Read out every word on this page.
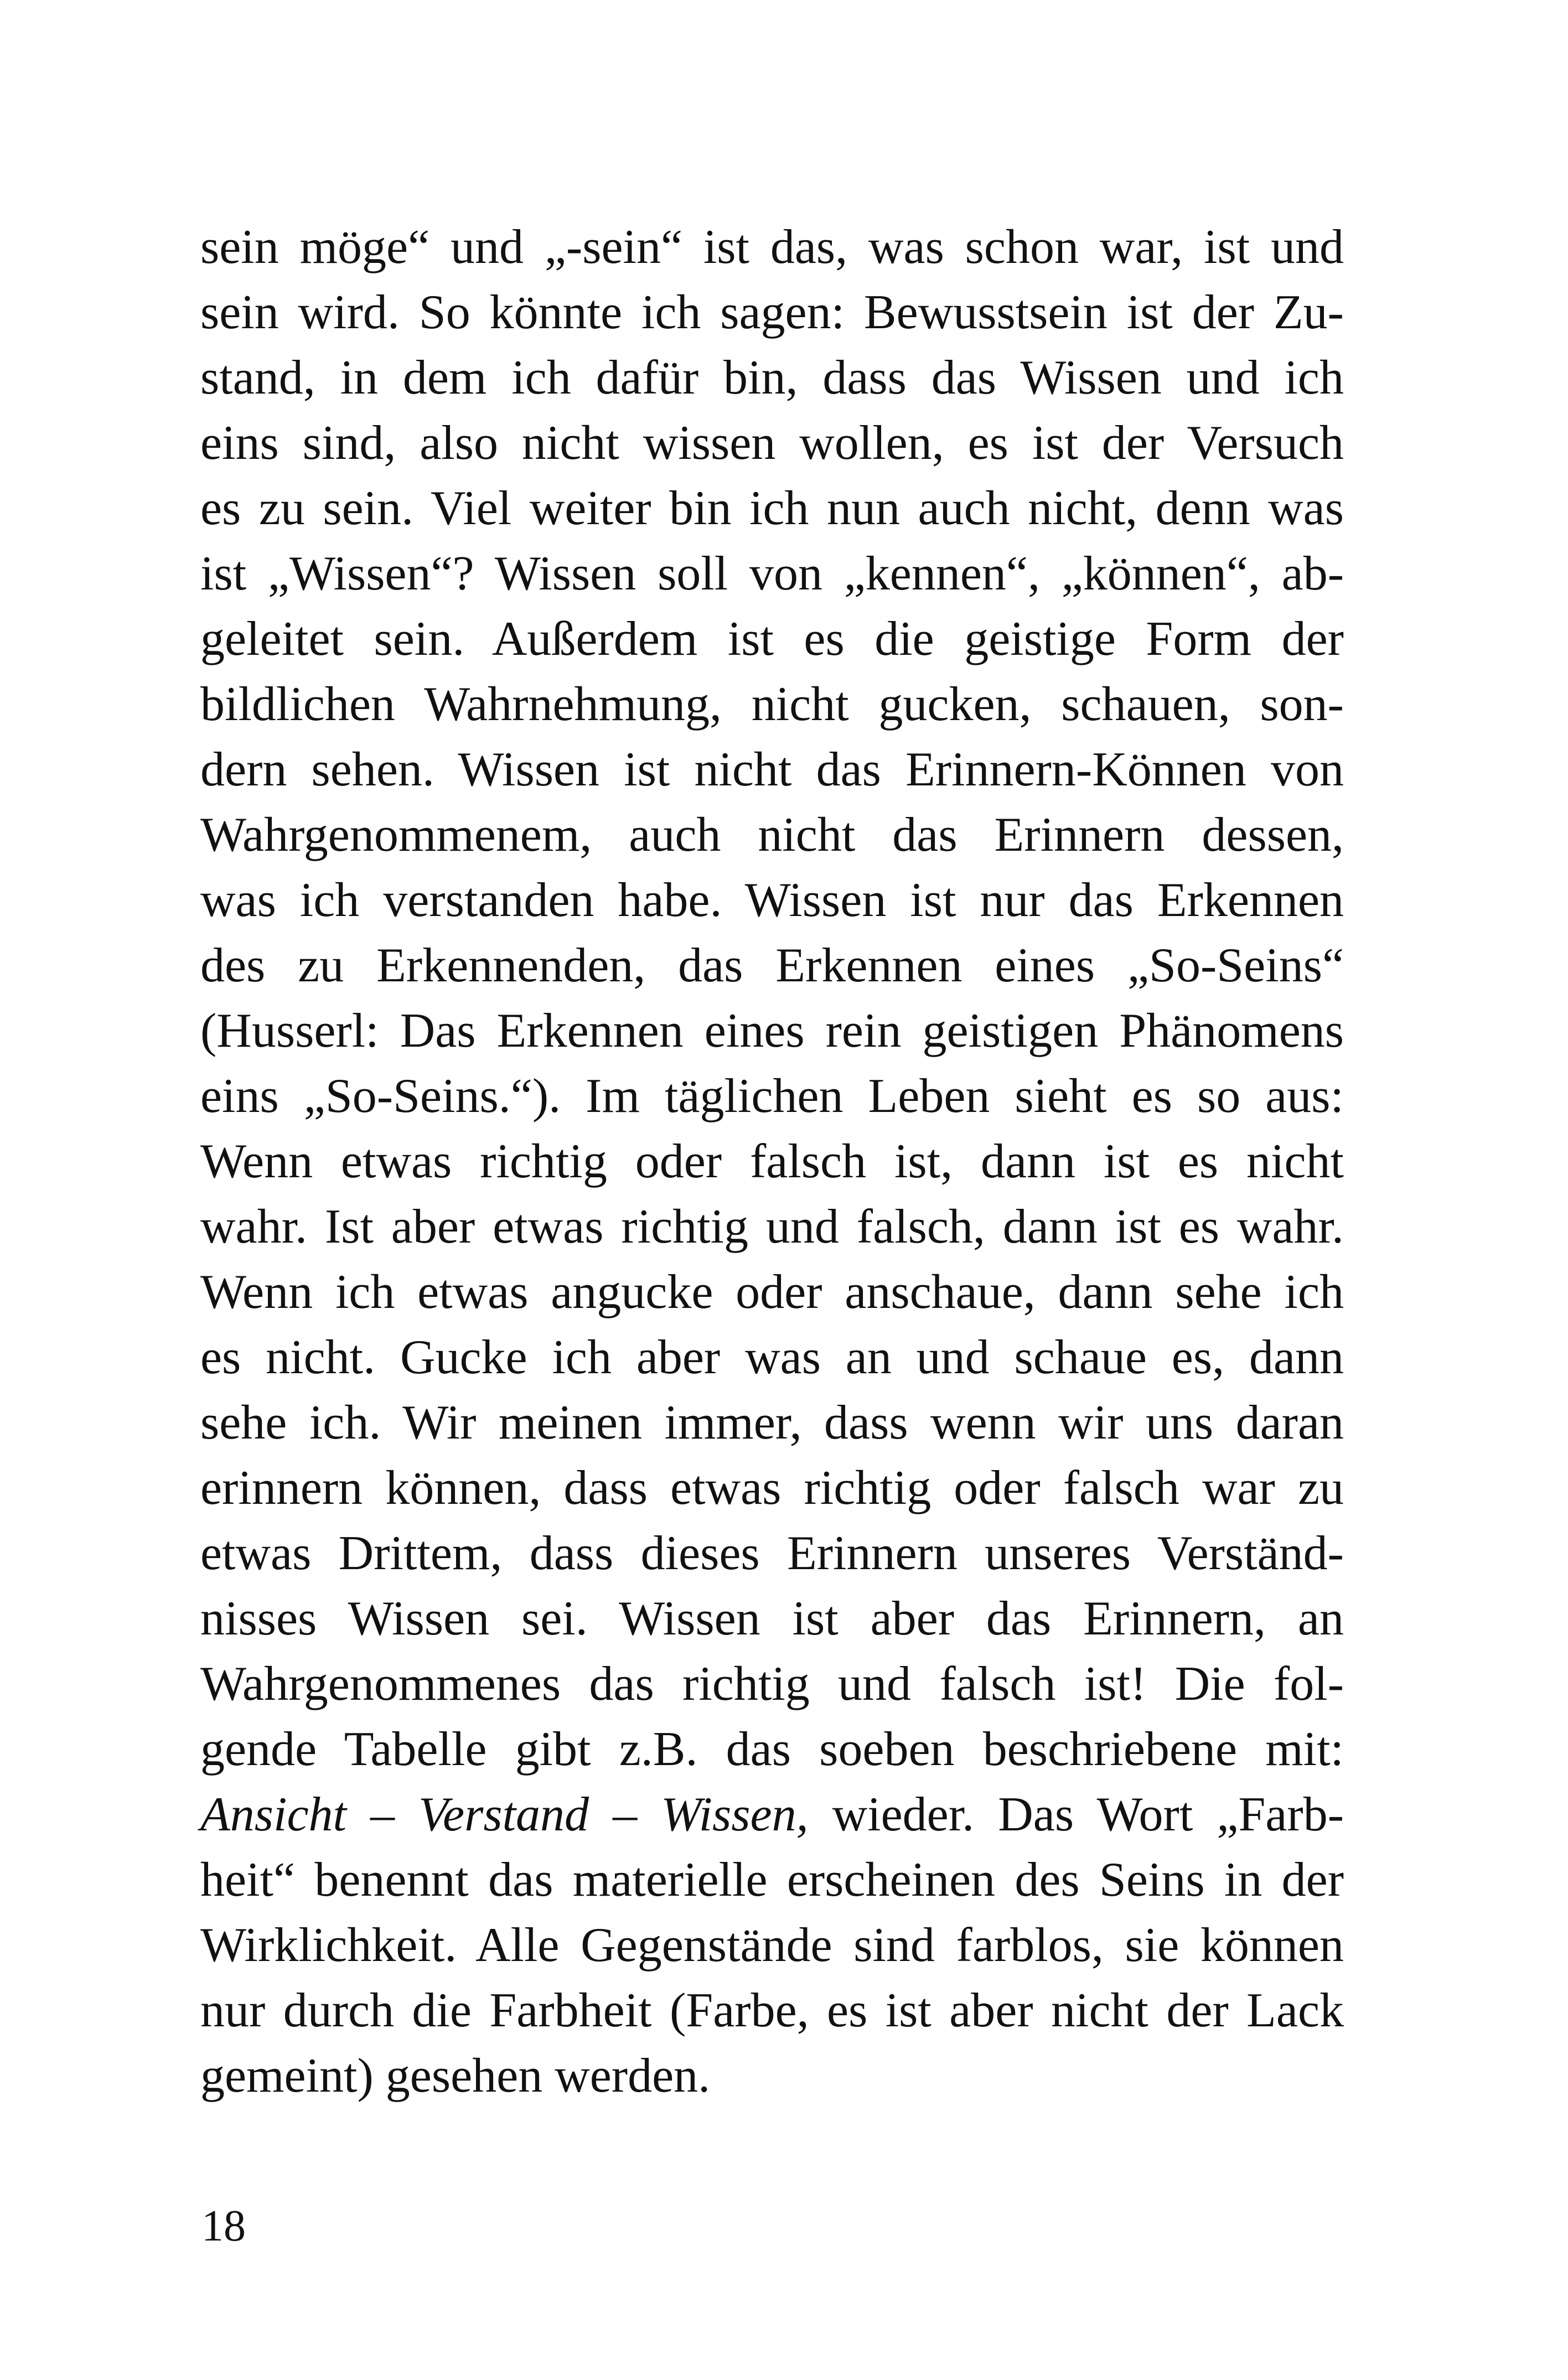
sein möge“ und „-sein“ ist das, was schon war, ist und
sein wird. So könnte ich sagen: Bewusstsein ist der Zu-
stand, in dem ich dafür bin, dass das Wissen und ich
eins sind, also nicht wissen wollen, es ist der Versuch
es zu sein. Viel weiter bin ich nun auch nicht, denn was
ist „Wissen“? Wissen soll von „kennen“, „können“, ab-
geleitet sein. Außerdem ist es die geistige Form der
bildlichen Wahrnehmung, nicht gucken, schauen, son-
dern sehen. Wissen ist nicht das Erinnern-Können von
Wahrgenommenem, auch nicht das Erinnern dessen,
was ich verstanden habe. Wissen ist nur das Erkennen
des zu Erkennenden, das Erkennen eines „So-Seins“
(Husserl: Das Erkennen eines rein geistigen Phänomens
eins „So-Seins.“). Im täglichen Leben sieht es so aus:
Wenn etwas richtig oder falsch ist, dann ist es nicht
wahr. Ist aber etwas richtig und falsch, dann ist es wahr.
Wenn ich etwas angucke oder anschaue, dann sehe ich
es nicht. Gucke ich aber was an und schaue es, dann
sehe ich. Wir meinen immer, dass wenn wir uns daran
erinnern können, dass etwas richtig oder falsch war zu
etwas Drittem, dass dieses Erinnern unseres Verständ-
nisses Wissen sei. Wissen ist aber das Erinnern, an
Wahrgenommenes das richtig und falsch ist! Die fol-
gende Tabelle gibt z.B. das soeben beschriebene mit:
Ansicht – Verstand – Wissen, wieder. Das Wort „Farb-
heit“ benennt das materielle erscheinen des Seins in der
Wirklichkeit. Alle Gegenstände sind farblos, sie können
nur durch die Farbheit (Farbe, es ist aber nicht der Lack
gemeint) gesehen werden.
18
